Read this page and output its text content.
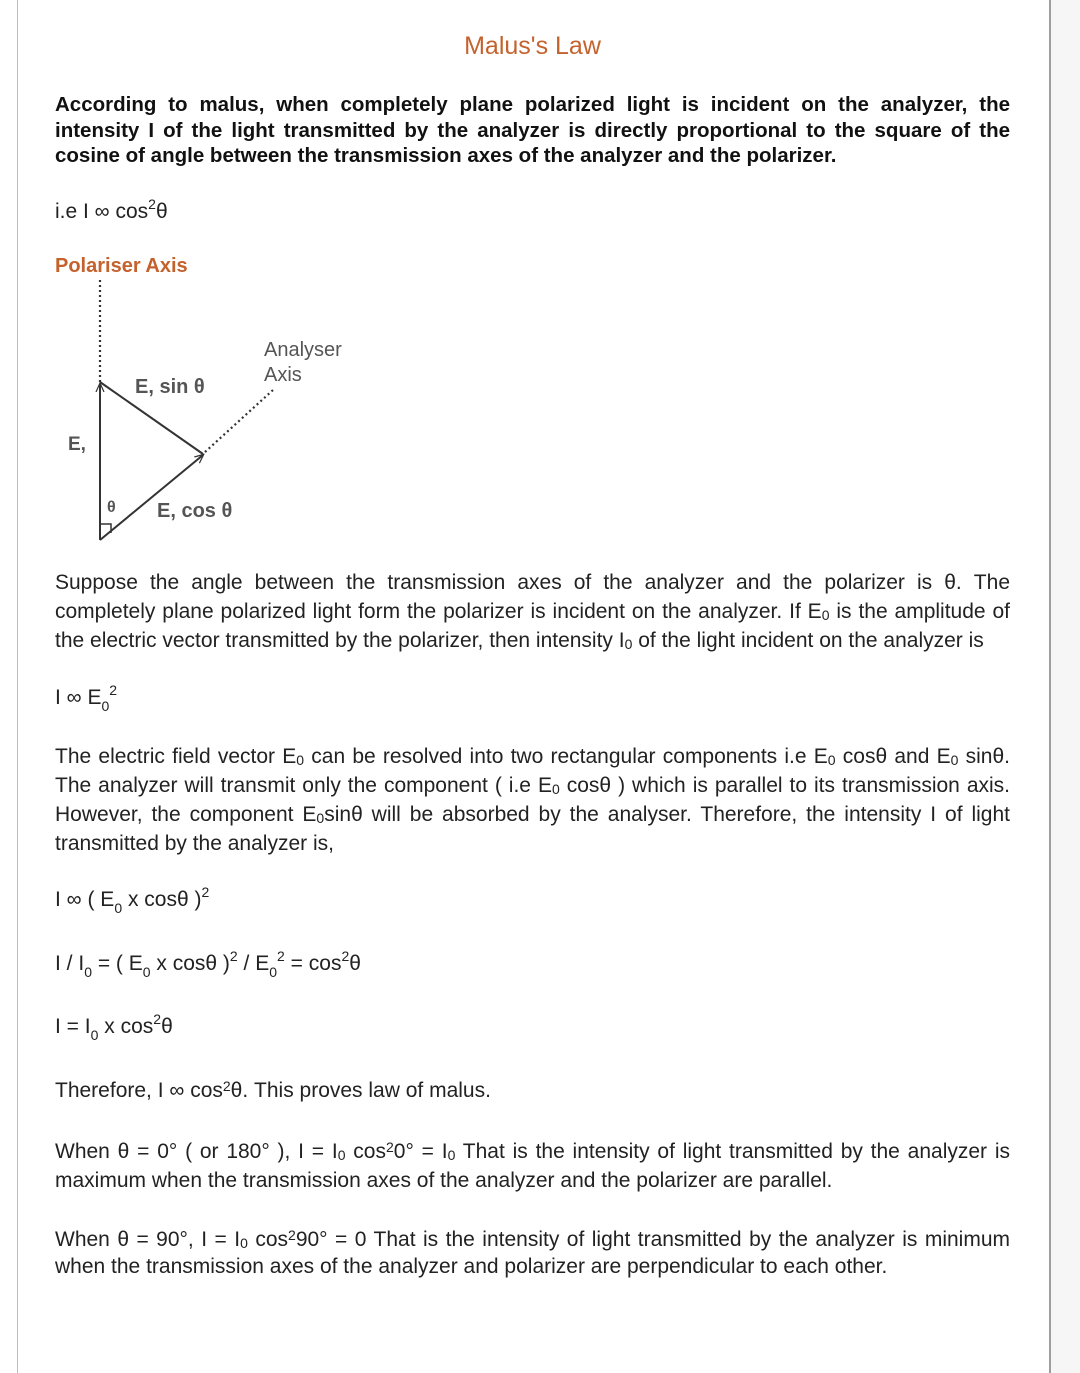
Malus's Law

According to malus, when completely plane polarized light is incident on the analyzer, the intensity I of the light transmitted by the analyzer is directly proportional to the square of the cosine of angle between the transmission axes of the analyzer and the polarizer.

i.e I ∞ $\cos^2\theta$

Polariser Axis
Analyser
Axis
E, sin θ
E,
θ E, cos θ

Suppose the angle between the transmission axes of the analyzer and the polarizer is θ. The completely plane polarized light form the polarizer is incident on the analyzer. If $E_0$ is the amplitude of the electric vector transmitted by the polarizer, then intensity $I_0$ of the light incident on the analyzer is

I ∞ $E_0^2$

The electric field vector $E_0$ can be resolved into two rectangular components i.e $E_0$ cosθ and $E_0$ sinθ. The analyzer will transmit only the component ( i.e $E_0$ cosθ ) which is parallel to its transmission axis. However, the component $E_0\sin\theta$ will be absorbed by the analyser. Therefore, the intensity I of light transmitted by the analyzer is,

I ∞ ( $E_0$ x cosθ )$^2$

I / $I_0$ = ( $E_0$ x cosθ )$^2 / E_0^2 = \cos^2\theta$

$I = I_0$ x $\cos^2\theta$

Therefore, I ∞ $\cos^2\theta$. This proves law of malus.

When θ = 0° ( or 180° ), $I = I_0$ $\cos^20^\circ = I_0$ That is the intensity of light transmitted by the analyzer is maximum when the transmission axes of the analyzer and the polarizer are parallel.

When θ = 90°, $I = I_0$ $\cos^290^\circ = 0$ That is the intensity of light transmitted by the analyzer is minimum when the transmission axes of the analyzer and polarizer are perpendicular to each other.
